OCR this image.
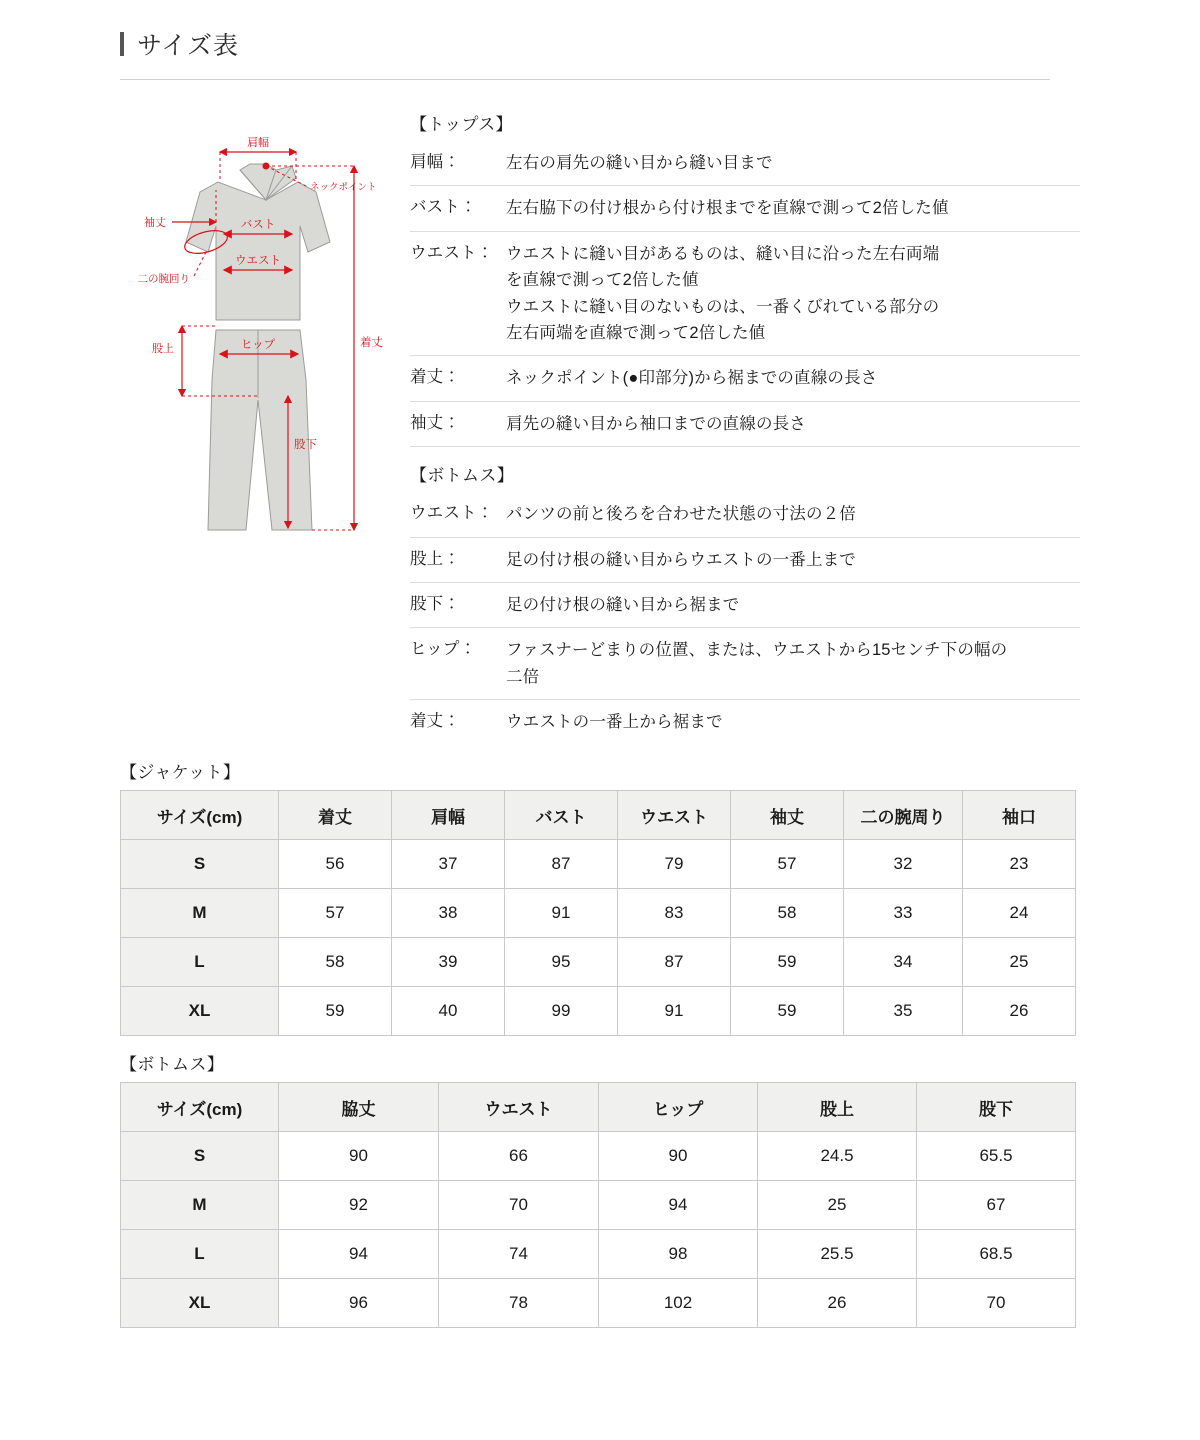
サイズ表
肩幅
ネックポイント
袖丈	バスト
ウエスト
二の腕回り
着丈
股上	ヒップ
股下
【トップス】
肩幅：	左右の肩先の縫い目から縫い目まで
バスト：	左右脇下の付け根から付け根までを直線で測って2倍した値
ウエスト： ウエストに縫い目があるものは、縫い目に沿った左右両端
を直線で測って2倍した値
ウエストに縫い目のないものは、一番くびれている部分の
左右両端を直線で測って2倍した値
着丈：	ネックポイント(●印部分)から裾までの直線の長さ
袖丈：	肩先の縫い目から袖口までの直線の長さ
【ボトムス】
ウエスト： パンツの前と後ろを合わせた状態の寸法の２倍
股上：	足の付け根の縫い目からウエストの一番上まで
股下：	足の付け根の縫い目から裾まで
ヒップ：	ファスナーどまりの位置、または、ウエストから15センチ下の幅の
二倍
着丈：	ウエストの一番上から裾まで
【ジャケット】
サイズ(cm)	着丈	肩幅	バスト	ウエスト	袖丈	二の腕周り	袖口
S	56	37	87	79	57	32	23
M	57	38	91	83	58	33	24
L	58	39	95	87	59	34	25
XL	59	40	99	91	59	35	26
【ボトムス】
サイズ(cm)	脇丈	ウエスト	ヒップ	股上	股下
S	90	66	90	24.5	65.5
M	92	70	94	25	67
L	94	74	98	25.5	68.5
XL	96	78	102	26	70
